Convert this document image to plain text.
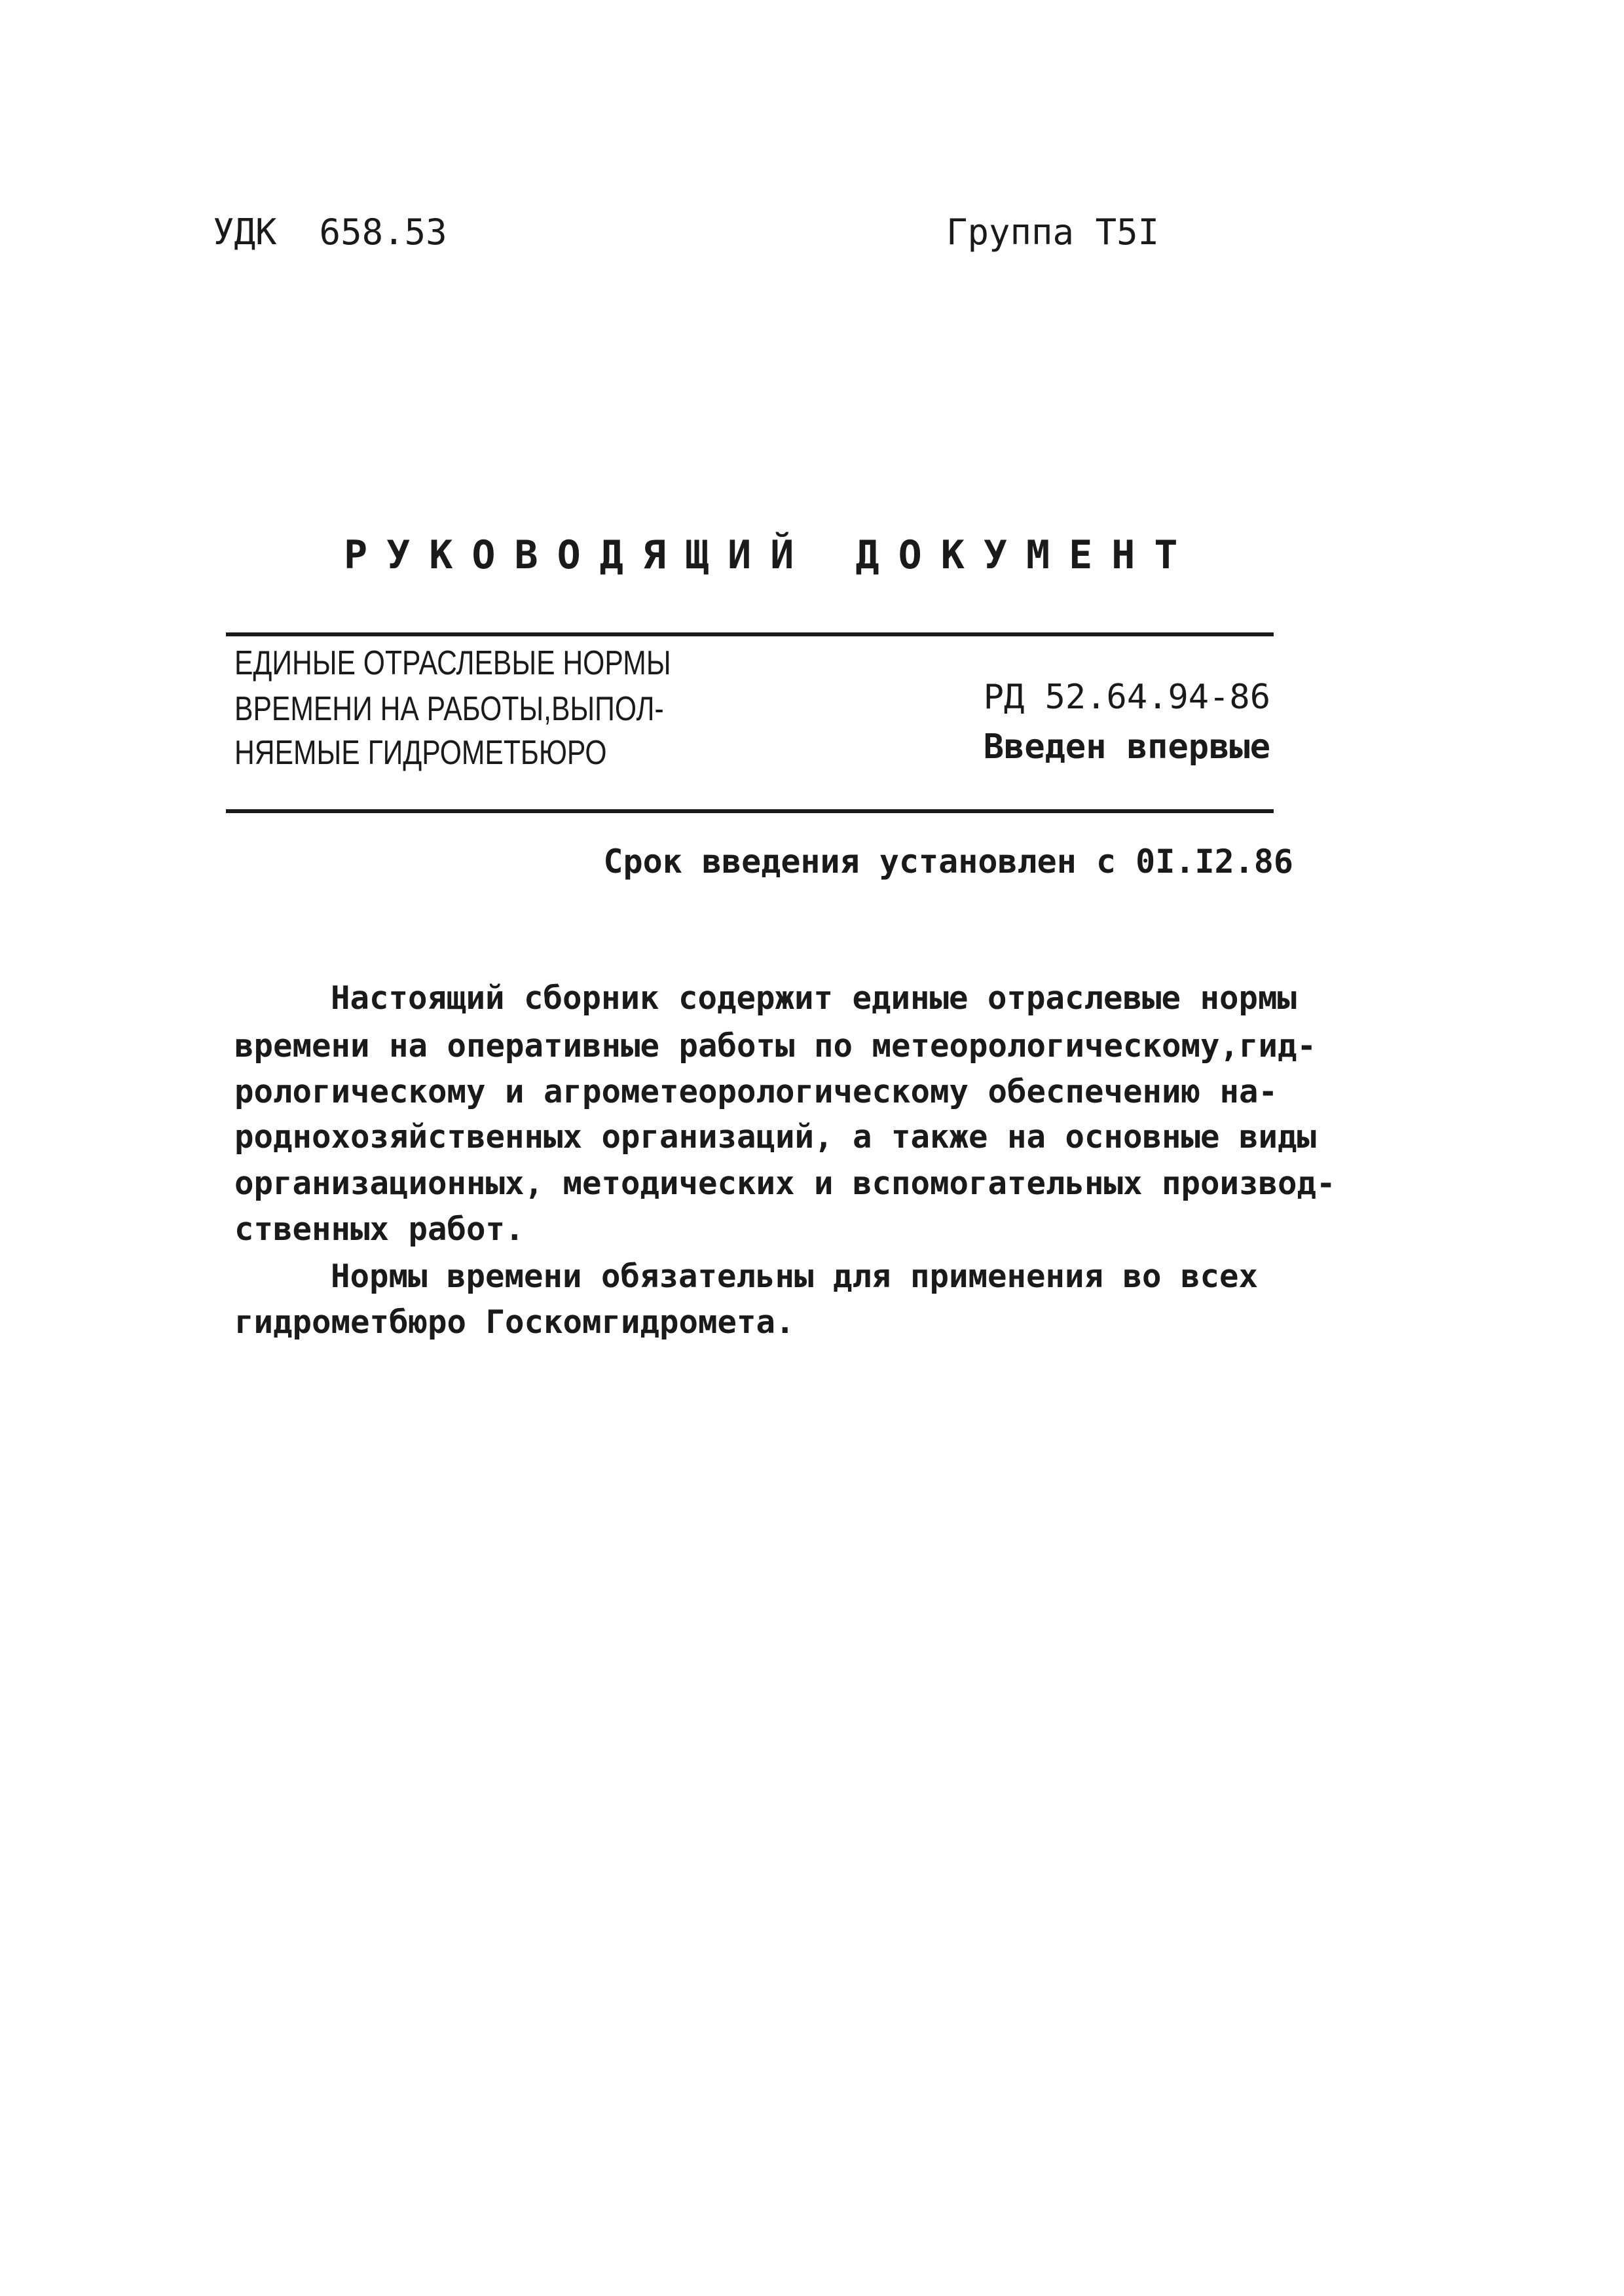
УДК  658.53	Группа Т5I
РУКОВОДЯЩИЙ ДОКУМЕНТ
ЕДИНЫЕ ОТРАСЛЕВЫЕ НОРМЫ
ВРЕМЕНИ НА РАБОТЫ,ВЫПОЛ-
НЯЕМЫЕ ГИДРОМЕТБЮРО
РД 52.64.94-86
Введен впервые
Срок введения установлен с 0I.I2.86
Настоящий сборник содержит единые отраслевые нормы
времени на оперативные работы по метеорологическому,гид-
рологическому и агрометеорологическому обеспечению на-
роднохозяйственных организаций, а также на основные виды
организационных, методических и вспомогательных производ-
ственных работ.
Нормы времени обязательны для применения во всех
гидрометбюро Госкомгидромета.
